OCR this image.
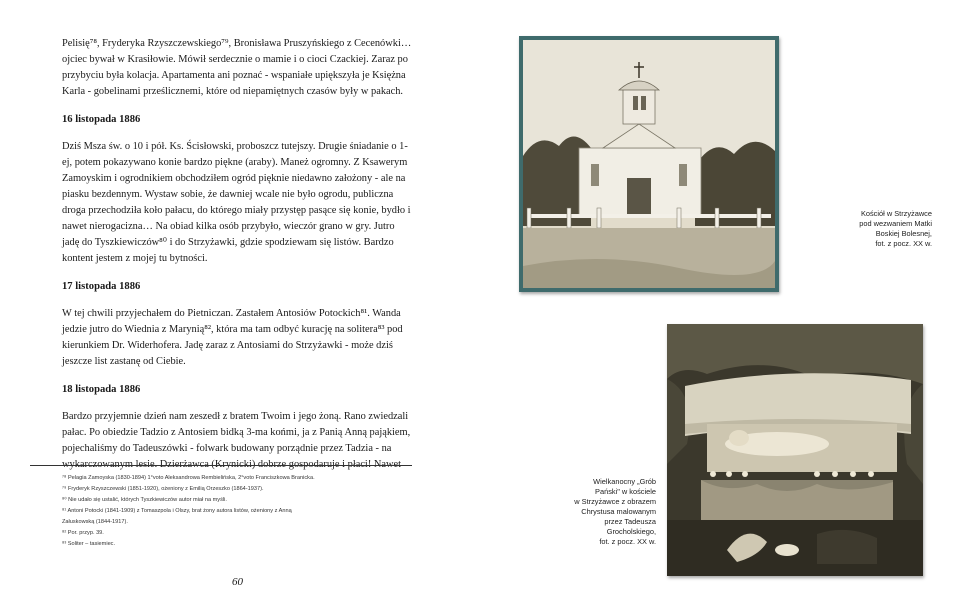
Pelisię⁷⁸, Fryderyka Rzyszczewskiego⁷⁹, Bronisława Pruszyńskiego z Cecenówki… ojciec bywał w Krasiłowie. Mówił serdecznie o mamie i o cioci Czackiej. Zaraz po przybyciu była kolacja. Apartamenta ani poznać - wspaniałe upiększyła je Księżna Karla - gobelinami prześlicznemi, które od niepamiętnych czasów były w pakach.

16 listopada 1886

Dziś Msza św. o 10 i pół. Ks. Ścisłowski, proboszcz tutejszy. Drugie śniadanie o 1-ej, potem pokazywano konie bardzo piękne (araby). Maneż ogromny. Z Ksawerym Zamoyskim i ogrodnikiem obchodziłem ogród pięknie niedawno założony - ale na piasku bezdennym. Wystaw sobie, że dawniej wcale nie było ogrodu, publiczna droga przechodziła koło pałacu, do którego miały przystęp pasące się konie, bydło i nawet nierogacizna… Na obiad kilka osób przybyło, wieczór grano w gry. Jutro jadę do Tyszkiewiczów⁸⁰ i do Strzyżawki, gdzie spodziewam się listów. Bardzo kontent jestem z mojej tu bytności.

17 listopada 1886

W tej chwili przyjechałem do Pietniczan. Zastałem Antosiów Potockich⁸¹. Wanda jedzie jutro do Wiednia z Marynią⁸², która ma tam odbyć kurację na solitera⁸³ pod kierunkiem Dr. Widerhofera. Jadę zaraz z Antosiami do Strzyżawki - może dziś jeszcze list zastanę od Ciebie.

18 listopada 1886

Bardzo przyjemnie dzień nam zeszedł z bratem Twoim i jego żoną. Rano zwiedzali pałac. Po obiedzie Tadzio z Antosiem bidką 3-ma końmi, ja z Panią Anną pająkiem, pojechaliśmy do Tadeuszówki - folwark budowany porządnie przez Tadzia - na

⁷⁸ Pelagia Zamoyska (1830-1894) 1°voto Aleksandrowa Rembielińska, 2°voto Franciszkowa Branicka.
⁷⁹ Fryderyk Rzyszczewski (1851-1920), ożeniony z Emilią Orzeszko (1864-1937).
⁸⁰ Nie udało się ustalić, których Tyszkiewiczów autor miał na myśli.
⁸¹ Antoni Potocki (1841-1909) z Tomaszpola i Olszy, brat żony autora listów, ożeniony z Anną
Załuskowską (1844-1917).
⁸² Por. przyp. 39.
⁸³ Soliter – tasiemiec.
60
Kościół w Strzyżawce
pod wezwaniem Matki
Boskiej Bolesnej,
fot. z pocz. XX w.
Wielkanocny „Grób
Pański" w kościele
w Strzyżawce z obrazem
Chrystusa malowanym
przez Tadeusza
Grocholskiego,
fot. z pocz. XX w.
